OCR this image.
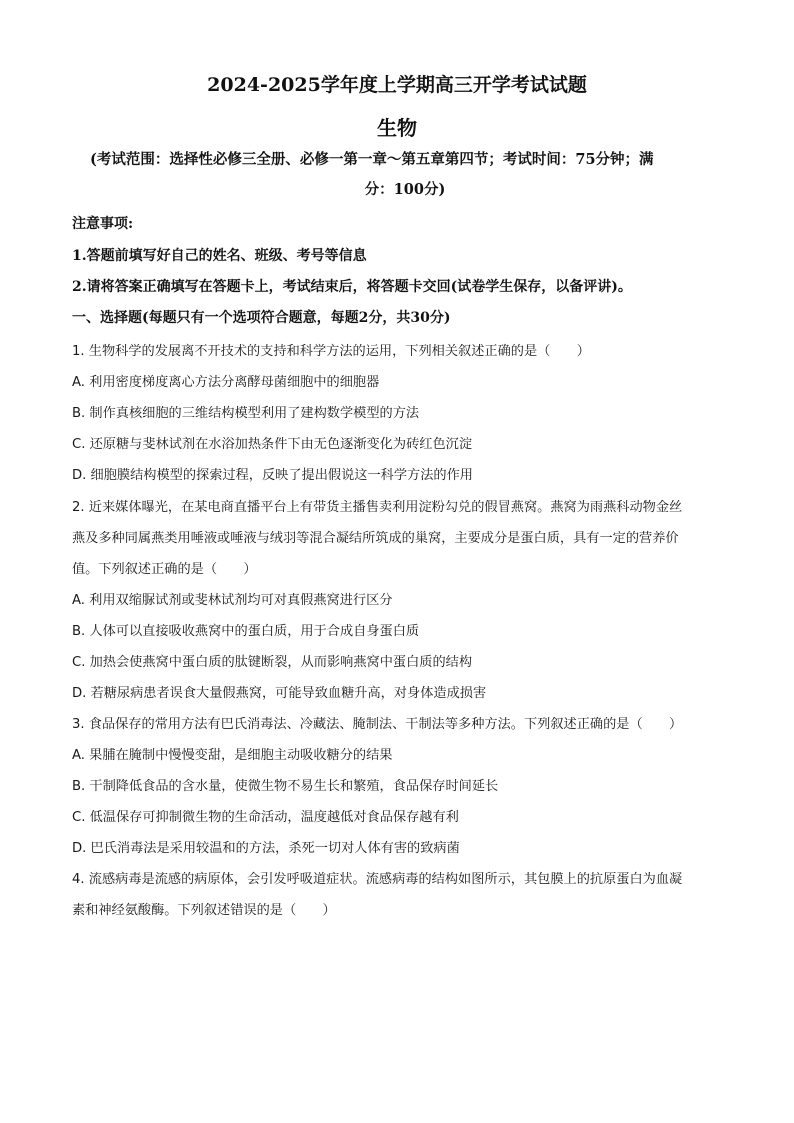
2024-2025学年度上学期高三开学考试试题
生物
(考试范围：选择性必修三全册、必修一第一章～第五章第四节；考试时间：75分钟；满
分：100分)
注意事项:
1.答题前填写好自己的姓名、班级、考号等信息
2.请将答案正确填写在答题卡上，考试结束后，将答题卡交回(试卷学生保存，以备评讲)。
一、选择题(每题只有一个选项符合题意，每题2分，共30分)
1. 生物科学的发展离不开技术的支持和科学方法的运用，下列相关叙述正确的是（　　）
A. 利用密度梯度离心方法分离酵母菌细胞中的细胞器
B. 制作真核细胞的三维结构模型利用了建构数学模型的方法
C. 还原糖与斐林试剂在水浴加热条件下由无色逐渐变化为砖红色沉淀
D. 细胞膜结构模型的探索过程，反映了提出假说这一科学方法的作用
2. 近来媒体曝光，在某电商直播平台上有带货主播售卖利用淀粉勾兑的假冒燕窝。燕窝为雨燕科动物金丝
燕及多种同属燕类用唾液或唾液与绒羽等混合凝结所筑成的巢窝，主要成分是蛋白质，具有一定的营养价
值。下列叙述正确的是（　　）
A. 利用双缩脲试剂或斐林试剂均可对真假燕窝进行区分
B. 人体可以直接吸收燕窝中的蛋白质，用于合成自身蛋白质
C. 加热会使燕窝中蛋白质的肽键断裂，从而影响燕窝中蛋白质的结构
D. 若糖尿病患者误食大量假燕窝，可能导致血糖升高，对身体造成损害
3. 食品保存的常用方法有巴氏消毒法、冷藏法、腌制法、干制法等多种方法。下列叙述正确的是（　　）
A. 果脯在腌制中慢慢变甜，是细胞主动吸收糖分的结果
B. 干制降低食品的含水量，使微生物不易生长和繁殖，食品保存时间延长
C. 低温保存可抑制微生物的生命活动，温度越低对食品保存越有利
D. 巴氏消毒法是采用较温和的方法，杀死一切对人体有害的致病菌
4. 流感病毒是流感的病原体，会引发呼吸道症状。流感病毒的结构如图所示，其包膜上的抗原蛋白为血凝
素和神经氨酸酶。下列叙述错误的是（　　）
